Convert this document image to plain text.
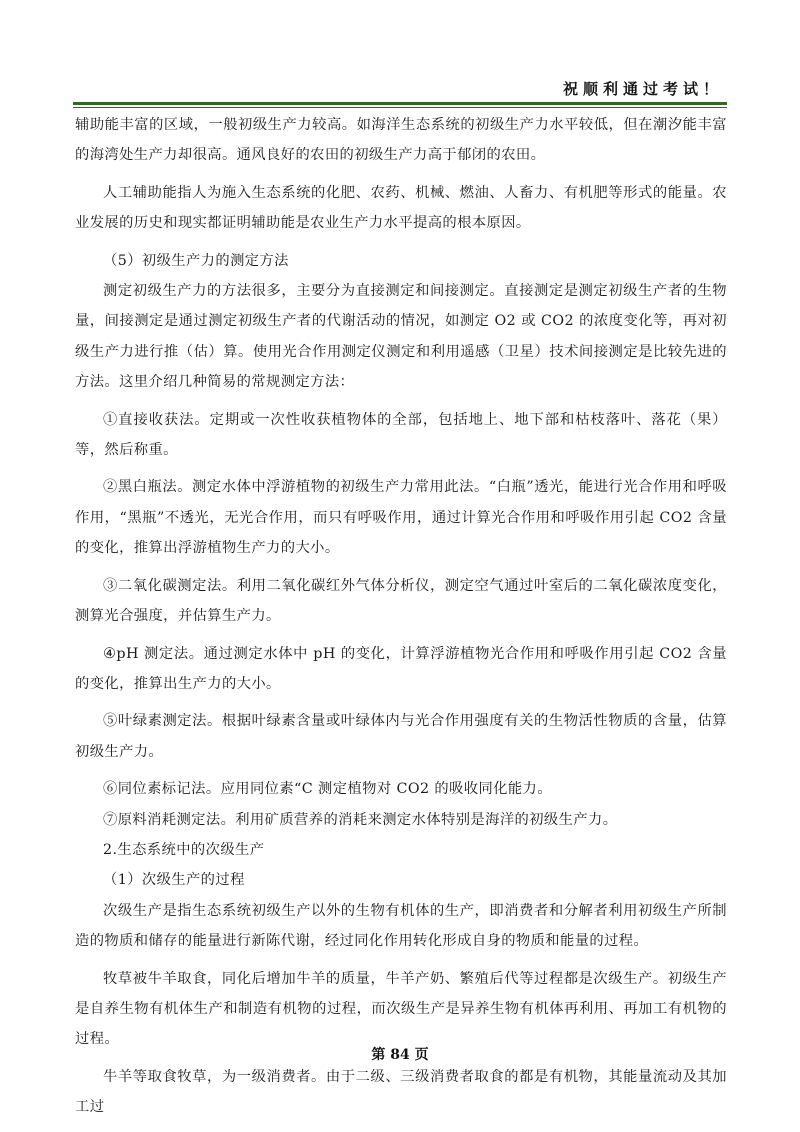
祝顺利通过考试！

辅助能丰富的区域，一般初级生产力较高。如海洋生态系统的初级生产力水平较低，但在潮汐能丰富的海湾处生产力却很高。通风良好的农田的初级生产力高于郁闭的农田。

人工辅助能指人为施入生态系统的化肥、农药、机械、燃油、人畜力、有机肥等形式的能量。农业发展的历史和现实都证明辅助能是农业生产力水平提高的根本原因。

（5）初级生产力的测定方法

测定初级生产力的方法很多，主要分为直接测定和间接测定。直接测定是测定初级生产者的生物量，间接测定是通过测定初级生产者的代谢活动的情况，如测定 O2 或 CO2 的浓度变化等，再对初级生产力进行推（估）算。使用光合作用测定仪测定和利用遥感（卫星）技术间接测定是比较先进的方法。这里介绍几种简易的常规测定方法：

①直接收获法。定期或一次性收获植物体的全部，包括地上、地下部和枯枝落叶、落花（果）等，然后称重。

②黑白瓶法。测定水体中浮游植物的初级生产力常用此法。“白瓶”透光，能进行光合作用和呼吸作用，“黑瓶”不透光，无光合作用，而只有呼吸作用，通过计算光合作用和呼吸作用引起 CO2 含量的变化，推算出浮游植物生产力的大小。

③二氧化碳测定法。利用二氧化碳红外气体分析仪，测定空气通过叶室后的二氧化碳浓度变化，测算光合强度，并估算生产力。

④pH 测定法。通过测定水体中 pH 的变化，计算浮游植物光合作用和呼吸作用引起 CO2 含量的变化，推算出生产力的大小。

⑤叶绿素测定法。根据叶绿素含量或叶绿体内与光合作用强度有关的生物活性物质的含量，估算初级生产力。

⑥同位素标记法。应用同位素“C 测定植物对 CO2 的吸收同化能力。

⑦原料消耗测定法。利用矿质营养的消耗来测定水体特别是海洋的初级生产力。

2.生态系统中的次级生产

（1）次级生产的过程

次级生产是指生态系统初级生产以外的生物有机体的生产，即消费者和分解者利用初级生产所制造的物质和储存的能量进行新陈代谢，经过同化作用转化形成自身的物质和能量的过程。

牧草被牛羊取食，同化后增加牛羊的质量，牛羊产奶、繁殖后代等过程都是次级生产。初级生产是自养生物有机体生产和制造有机物的过程，而次级生产是异养生物有机体再利用、再加工有机物的过程。

牛羊等取食牧草，为一级消费者。由于二级、三级消费者取食的都是有机物，其能量流动及其加工过

第 84 页
